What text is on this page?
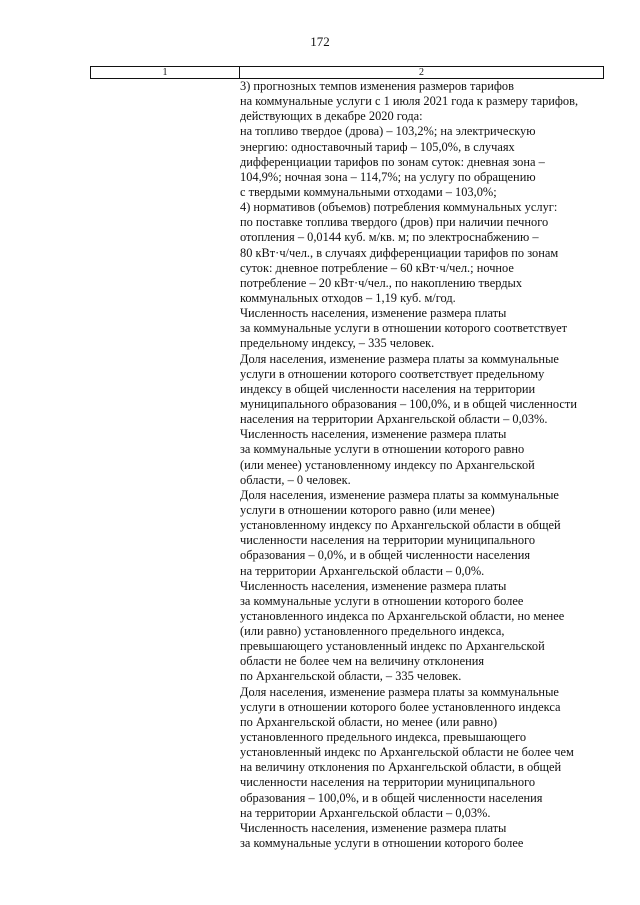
172
1	2
3) прогнозных темпов изменения размеров тарифов
на коммунальные услуги с 1 июля 2021 года к размеру тарифов,
действующих в декабре 2020 года:
на топливо твердое (дрова) – 103,2%; на электрическую
энергию: одноставочный тариф – 105,0%, в случаях
дифференциации тарифов по зонам суток: дневная зона –
104,9%; ночная зона – 114,7%; на услугу по обращению
с твердыми коммунальными отходами – 103,0%;
4) нормативов (объемов) потребления коммунальных услуг:
по поставке топлива твердого (дров) при наличии печного
отопления – 0,0144 куб. м/кв. м; по электроснабжению –
80 кВт·ч/чел., в случаях дифференциации тарифов по зонам
суток: дневное потребление – 60 кВт·ч/чел.; ночное
потребление – 20 кВт·ч/чел., по накоплению твердых
коммунальных отходов – 1,19 куб. м/год.
Численность населения, изменение размера платы
за коммунальные услуги в отношении которого соответствует
предельному индексу, – 335 человек.
Доля населения, изменение размера платы за коммунальные
услуги в отношении которого соответствует предельному
индексу в общей численности населения на территории
муниципального образования – 100,0%, и в общей численности
населения на территории Архангельской области – 0,03%.
Численность населения, изменение размера платы
за коммунальные услуги в отношении которого равно
(или менее) установленному индексу по Архангельской
области, – 0 человек.
Доля населения, изменение размера платы за коммунальные
услуги в отношении которого равно (или менее)
установленному индексу по Архангельской области в общей
численности населения на территории муниципального
образования – 0,0%, и в общей численности населения
на территории Архангельской области – 0,0%.
Численность населения, изменение размера платы
за коммунальные услуги в отношении которого более
установленного индекса по Архангельской области, но менее
(или равно) установленного предельного индекса,
превышающего установленный индекс по Архангельской
области не более чем на величину отклонения
по Архангельской области, – 335 человек.
Доля населения, изменение размера платы за коммунальные
услуги в отношении которого более установленного индекса
по Архангельской области, но менее (или равно)
установленного предельного индекса, превышающего
установленный индекс по Архангельской области не более чем
на величину отклонения по Архангельской области, в общей
численности населения на территории муниципального
образования – 100,0%, и в общей численности населения
на территории Архангельской области – 0,03%.
Численность населения, изменение размера платы
за коммунальные услуги в отношении которого более
